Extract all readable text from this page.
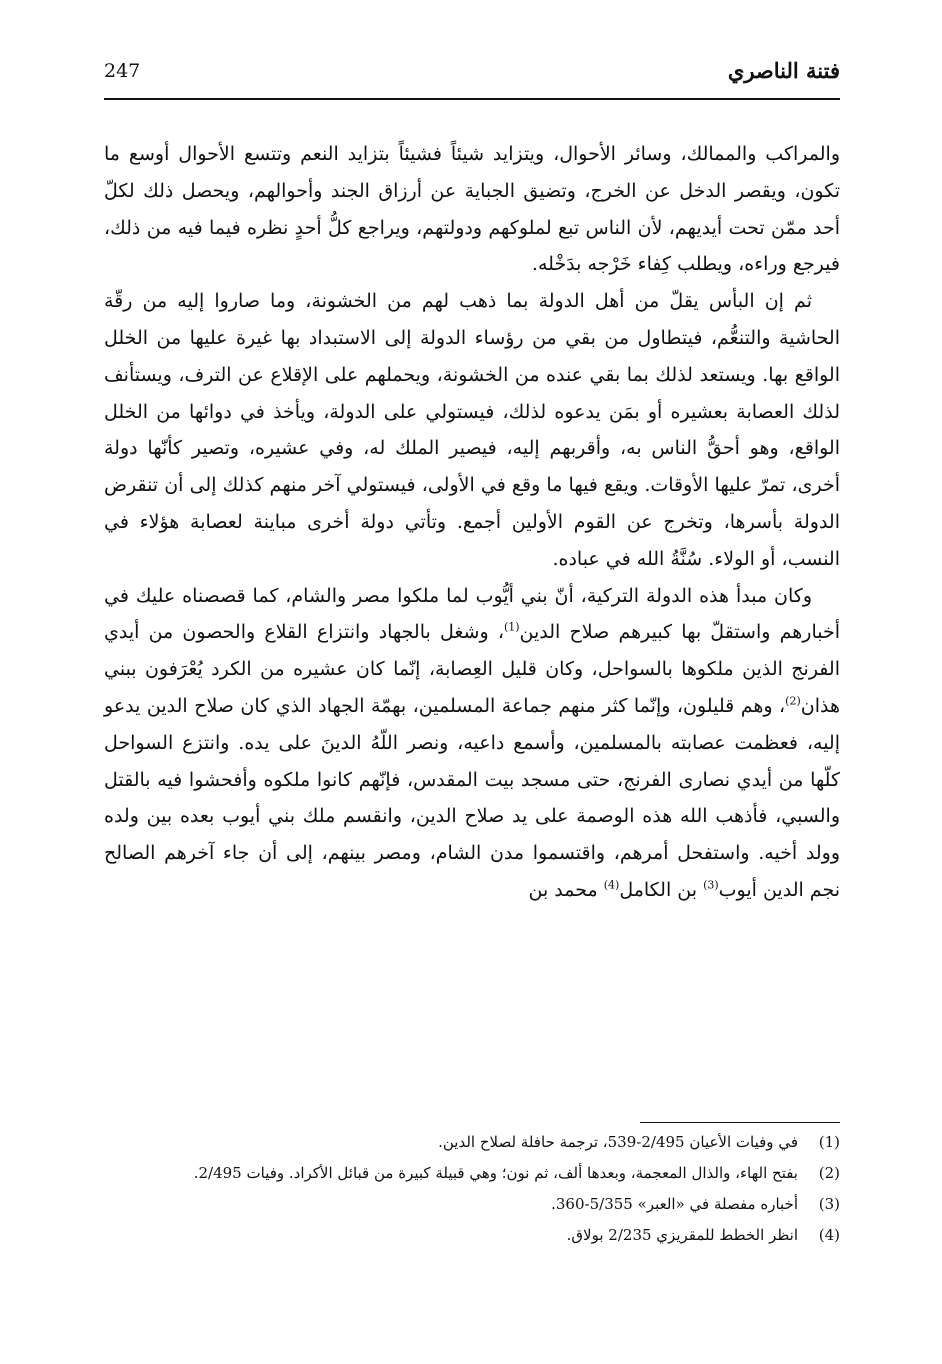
فتنة الناصري
247

والمراكب والممالك، وسائر الأحوال، ويتزايد شيئاً فشيئاً بتزايد النعم وتتسع الأحوال أوسع ما تكون، ويقصر الدخل عن الخرج، وتضيق الجباية عن أرزاق الجند وأحوالهم، ويحصل ذلك لكلّ أحد ممّن تحت أيديهم، لأن الناس تبع لملوكهم ودولتهم، ويراجع كلُّ أحدٍ نظره فيما فيه من ذلك، فيرجع وراءه، ويطلب كِفاء خَرْجه بدَخْله.

ثم إن البأس يقلّ من أهل الدولة بما ذهب لهم من الخشونة، وما صاروا إليه من رقّة الحاشية والتنعُّم، فيتطاول من بقي من رؤساء الدولة إلى الاستبداد بها غيرة عليها من الخلل الواقع بها. ويستعد لذلك بما بقي عنده من الخشونة، ويحملهم على الإقلاع عن الترف، ويستأنف لذلك العصابة بعشيره أو بمَن يدعوه لذلك، فيستولي على الدولة، ويأخذ في دوائها من الخلل الواقع، وهو أحقُّ الناس به، وأقربهم إليه، فيصير الملك له، وفي عشيره، وتصير كأنّها دولة أخرى، تمرّ عليها الأوقات. ويقع فيها ما وقع في الأولى، فيستولي آخر منهم كذلك إلى أن تنقرض الدولة بأسرها، وتخرج عن القوم الأولين أجمع. وتأتي دولة أخرى مباينة لعصابة هؤلاء في النسب، أو الولاء. سُنَّةُ الله في عباده.

وكان مبدأ هذه الدولة التركية، أنّ بني أيُّوب لما ملكوا مصر والشام، كما قصصناه عليك في أخبارهم واستقلّ بها كبيرهم صلاح الدين$^{(1)}$، وشغل بالجهاد وانتزاع القلاع والحصون من أيدي الفرنج الذين ملكوها بالسواحل، وكان قليل العِصابة، إنّما كان عشيره من الكرد يُعْرَفون ببني هذان$^{(2)}$، وهم قليلون، وإنّما كثر منهم جماعة المسلمين، بهمّة الجهاد الذي كان صلاح الدين يدعو إليه، فعظمت عصابته بالمسلمين، وأسمع داعيه، ونصر اللّهُ الدينَ على يده. وانتزع السواحل كلّها من أيدي نصارى الفرنج، حتى مسجد بيت المقدس، فإنّهم كانوا ملكوه وأفحشوا فيه بالقتل والسبي، فأذهب الله هذه الوصمة على يد صلاح الدين، وانقسم ملك بني أيوب بعده بين ولده وولد أخيه. واستفحل أمرهم، واقتسموا مدن الشام، ومصر بينهم، إلى أن جاء آخرهم الصالح نجم الدين أيوب$^{(3)}$ بن الكامل$^{(4)}$ محمد بن

(1)
في وفيات الأعيان 2/495-539، ترجمة حافلة لصلاح الدين.

(2)
بفتح الهاء، والذال المعجمة، وبعدها ألف، ثم نون؛ وهي قبيلة كبيرة من قبائل الأكراد. وفيات 2/495.

(3)
أخباره مفصلة في «العبر» 5/355-360.

(4)
انظر الخطط للمقريزي 2/235 بولاق.
